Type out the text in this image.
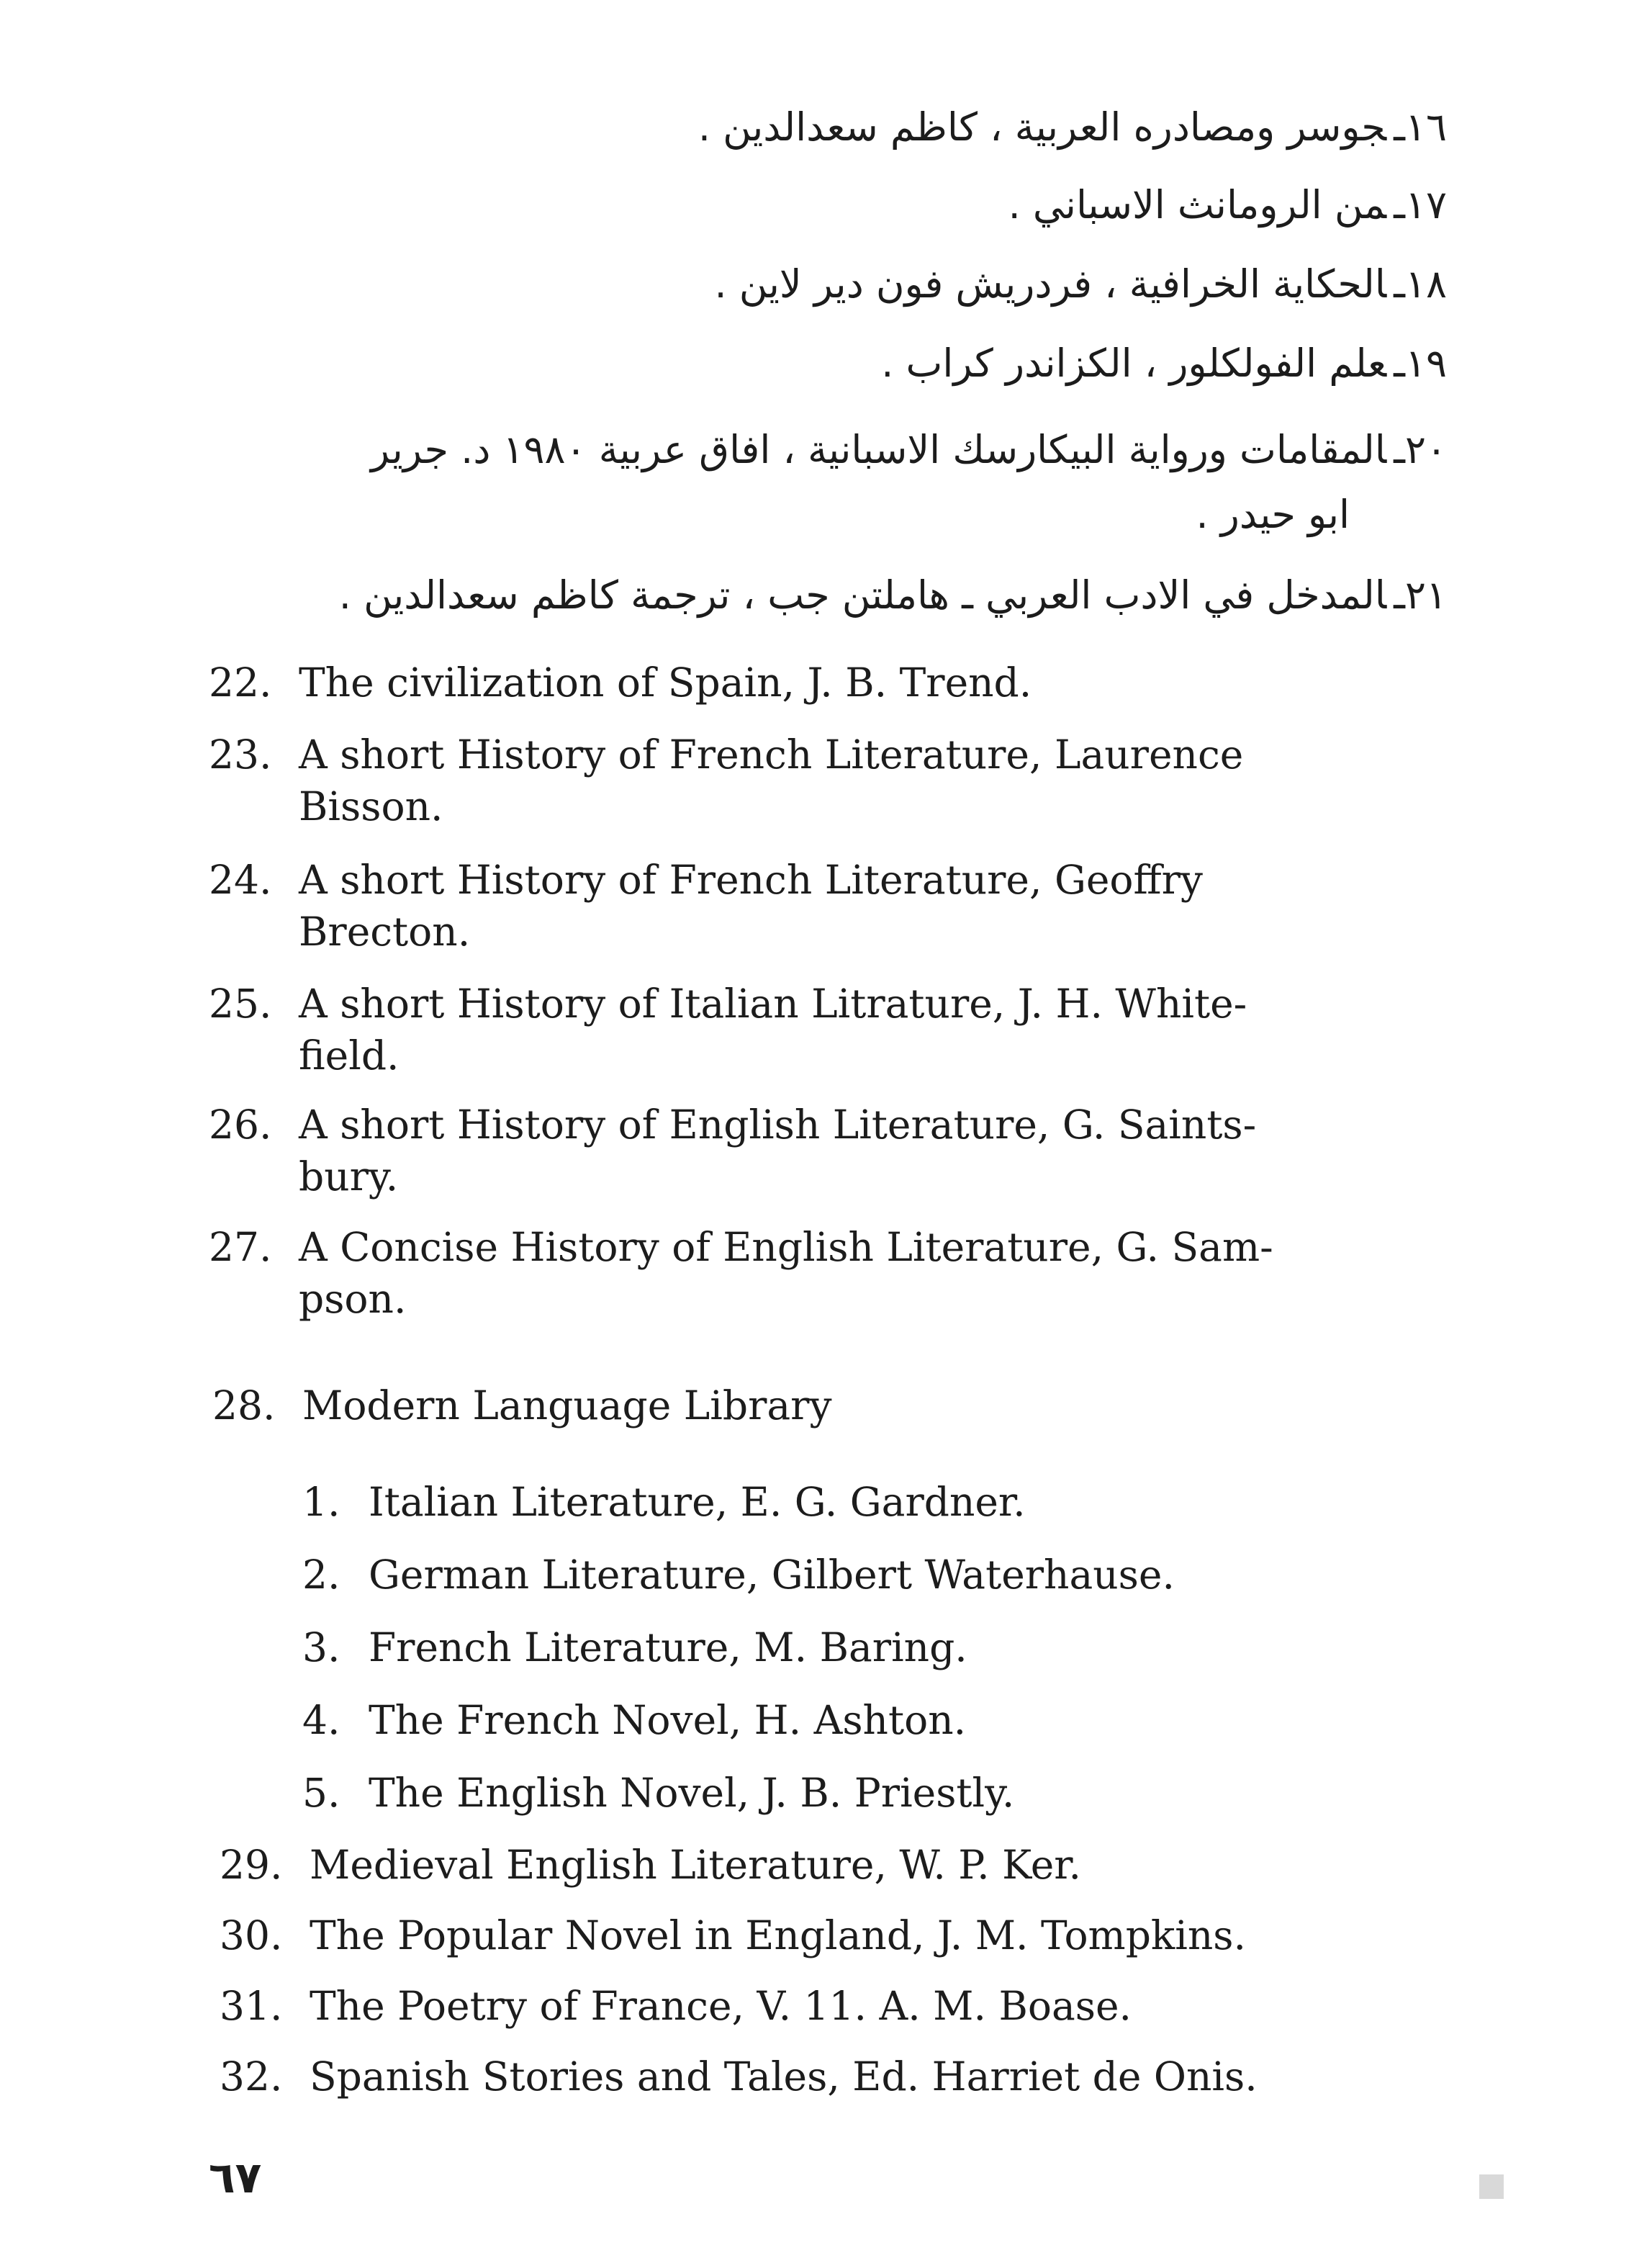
١٦ـجوسر ومصادره العربية ، كاظم سعدالدين .
١٧ـمن الرومانث الاسباني .
١٨ـالحكاية الخرافية ، فردريش فون دير لاين .
١٩ـعلم الفولكلور ، الكزاندر كراب .
٢٠ـالمقامات ورواية البيكارسك الاسبانية ، افاق عربية ١٩٨٠ د. جرير
ابو حيدر .
٢١ـالمدخل في الادب العربي ـ هاملتن جب ، ترجمة كاظم سعدالدين .
22. The civilization of Spain, J. B. Trend.
23. A short History of French Literature, Laurence
Bisson.
24. A short History of French Literature, Geoffry
Brecton.
25. A short History of Italian Litrature, J. H. White-
field.
26. A short History of English Literature, G. Saints-
bury.
27. A Concise History of English Literature, G. Sam-
pson.
28. Modern Language Library
1. Italian Literature, E. G. Gardner.
2. German Literature, Gilbert Waterhause.
3. French Literature, M. Baring.
4. The French Novel, H. Ashton.
5. The English Novel, J. B. Priestly.
29. Medieval English Literature, W. P. Ker.
30. The Popular Novel in England, J. M. Tompkins.
31. The Poetry of France, V. 11. A. M. Boase.
32. Spanish Stories and Tales, Ed. Harriet de Onis.
٦٧
